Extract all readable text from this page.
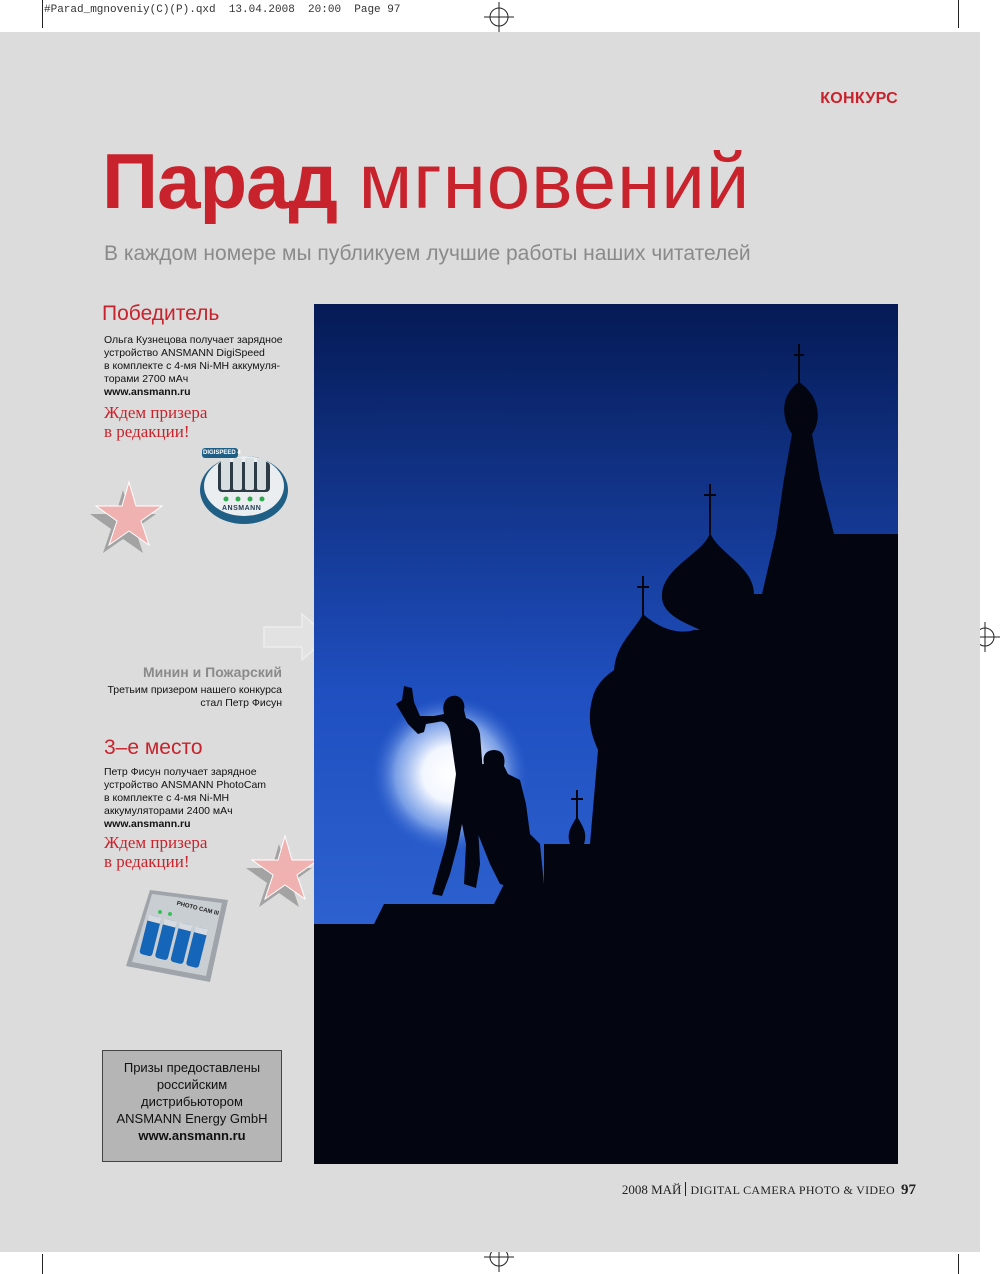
#Parad_mgnoveniy(C)(P).qxd  13.04.2008  20:00  Page 97
КОНКУРС
Парад мгновений
В каждом номере мы публикуем лучшие работы наших читателей
Победитель
Ольга Кузнецова получает зарядное
устройство ANSMANN DigiSpeed
в комплекте с 4-мя Ni-MH аккумуля-
торами 2700 мАч
www.ansmann.ru
Ждем призера
в редакции!
DIGISPEED 4
ANSMANN
Минин и Пожарский
Третьим призером нашего конкурса
стал Петр Фисун
3–е место
Петр Фисун получает зарядное
устройство ANSMANN PhotoCam
в комплекте с 4-мя Ni-MH
аккумуляторами 2400 мАч
www.ansmann.ru
Ждем призера
в редакции!
PHOTO CAM III
Призы предоставлены
российским
дистрибьютором
ANSMANN Energy GmbH
www.ansmann.ru
2008 МАЙ DIGITAL CAMERA PHOTO & VIDEO 97
